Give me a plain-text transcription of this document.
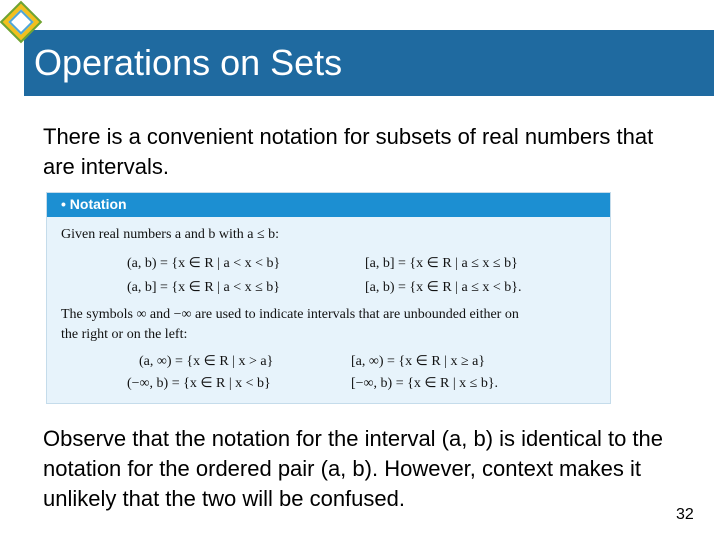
Operations on Sets
There is a convenient notation for subsets of real numbers that are intervals.
• Notation
Given real numbers a and b with a ≤ b:
(a, b) = {x ∈ R | a < x < b}	[a, b] = {x ∈ R | a ≤ x ≤ b}
(a, b] = {x ∈ R | a < x ≤ b}	[a, b) = {x ∈ R | a ≤ x < b}.
The symbols ∞ and −∞ are used to indicate intervals that are unbounded either on
the right or on the left:
(a, ∞) = {x ∈ R | x > a}	[a, ∞) = {x ∈ R | x ≥ a}
(−∞, b) = {x ∈ R | x < b}	[−∞, b) = {x ∈ R | x ≤ b}.
Observe that the notation for the interval (a, b) is identical to the notation for the ordered pair (a, b). However, context makes it unlikely that the two will be confused.
32
